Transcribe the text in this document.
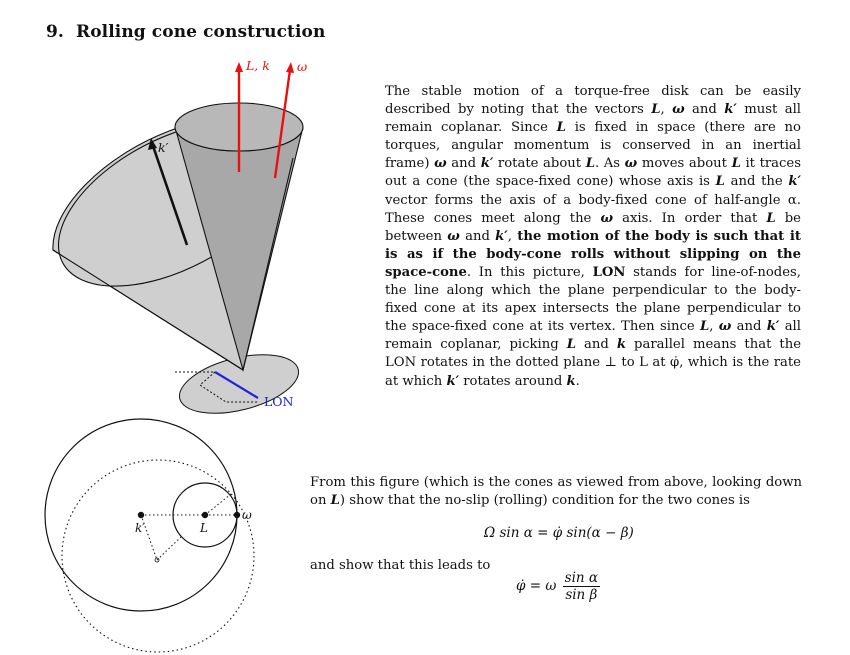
9. Rolling cone construction
L, k ω
k′
LON
k′	L
ω

The stable motion of a torque-free disk can be easily described by noting that the vectors L, ω and k′ must all remain coplanar. Since L is fixed in space (there are no torques, angular momentum is conserved in an inertial frame) ω and k′ rotate about L. As ω moves about L it traces out a cone (the space-fixed cone) whose axis is L and the k′ vector forms the axis of a body-fixed cone of half-angle α. These cones meet along the ω axis. In order that L be between ω and k′, the motion of the body is such that it is as if the body-cone rolls without slipping on the space-cone. In this picture, LON stands for line-of-nodes, the line along which the plane perpendicular to the body-fixed cone at its apex intersects the plane perpendicular to the space-fixed cone at its vertex. Then since L, ω and k′ all remain coplanar, picking L and k parallel means that the LON rotates in the dotted plane ⊥ to L at φ̇, which is the rate at which k′ rotates around k.

From this figure (which is the cones as viewed from above, looking down on L) show that the no-slip (rolling) condition for the two cones is

Ω sin α = φ̇ sin(α − β)

and show that this leads to

φ̇ = ω $\frac{\text{sin α}}{\text{sin β}}$
